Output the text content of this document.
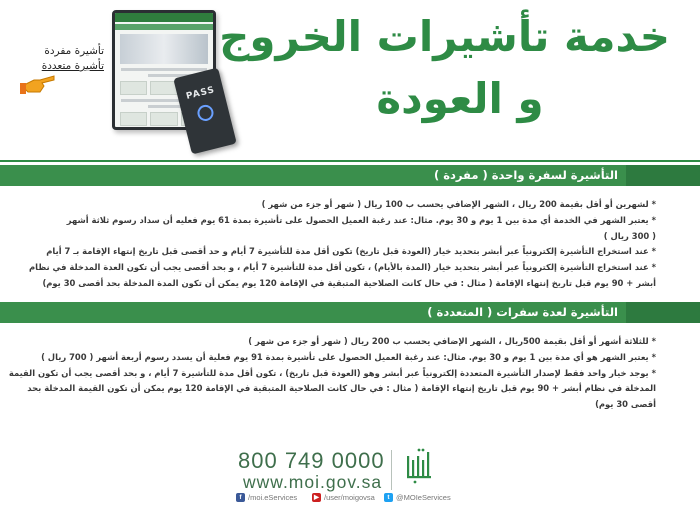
خدمة تأشيرات الخروج
و العودة
PASS
تأشيرة مفردة
تأشيرة متعددة
التأشيرة لسفرة واحدة ( مفردة )

* لشهرين أو أقل بقيمة 200 ريال ، الشهر الإضافي يحسب ب 100 ريال ( شهر أو جزء من شهر )

* يعتبر الشهر في الخدمة أي مدة بين 1 يوم و 30 يوم. مثال: عند رغبة العميل الحصول على تأشيرة بمدة 61 يوم فعليه أن سداد رسوم ثلاثة أشهر

( 300 ريال )

* عند استخراج التأشيرة إلكترونياً عبر أبشر بتحديد خيار (العودة قبل تاريخ) تكون أقل مدة للتأشيرة 7 أيام و حد أقصى قبل تاريخ إنتهاء الإقامة بـ 7 أيام

* عند استخراج التأشيرة إلكترونياً عبر أبشر بتحديد خيار (المدة بالأيام) ، تكون أقل مدة للتأشيرة 7 أيام ، و بحد أقصى يجب أن تكون العدة المدخلة في نظام

أبشر + 90 يوم قبل تاريخ إنتهاء الإقامة ( مثال : في حال كانت الصلاحية المتبقية في الإقامة 120 يوم يمكن أن تكون المدة المدخلة بحد أقصى 30 يوم)

التأشيرة لعدة سفرات ( المتعددة )

* للثلاثة أشهر أو أقل بقيمة 500ريال ، الشهر الإضافي يحسب ب 200 ريال ( شهر أو جزء من شهر )

* يعتبر الشهر هو أي مدة بين 1 يوم و 30 يوم. مثال: عند رغبة العميل الحصول على تأشيرة بمدة 91 يوم فعلية أن يسدد رسوم أربعة أشهر ( 700 ريال )

* يوجد خيار واحد فقط لإصدار التأشيرة المتعددة إلكترونياً عبر أبشر وهو (العودة قبل تاريخ) ، تكون أقل مدة للتأشيرة 7 أيام ، و بحد أقصى يجب أن تكون القيمة

المدخلة في نظام أبشر + 90 يوم قبل تاريخ إنتهاء الإقامة ( مثال : في حال كانت الصلاحية المتبقية في الإقامة 120 يوم يمكن أن تكون القيمة المدخلة بحد

أقصى 30 يوم)

800 749 0000
www.moi.gov.sa
f /moi.eServices	▶ /user/moigovsa	t @MOIeServices
